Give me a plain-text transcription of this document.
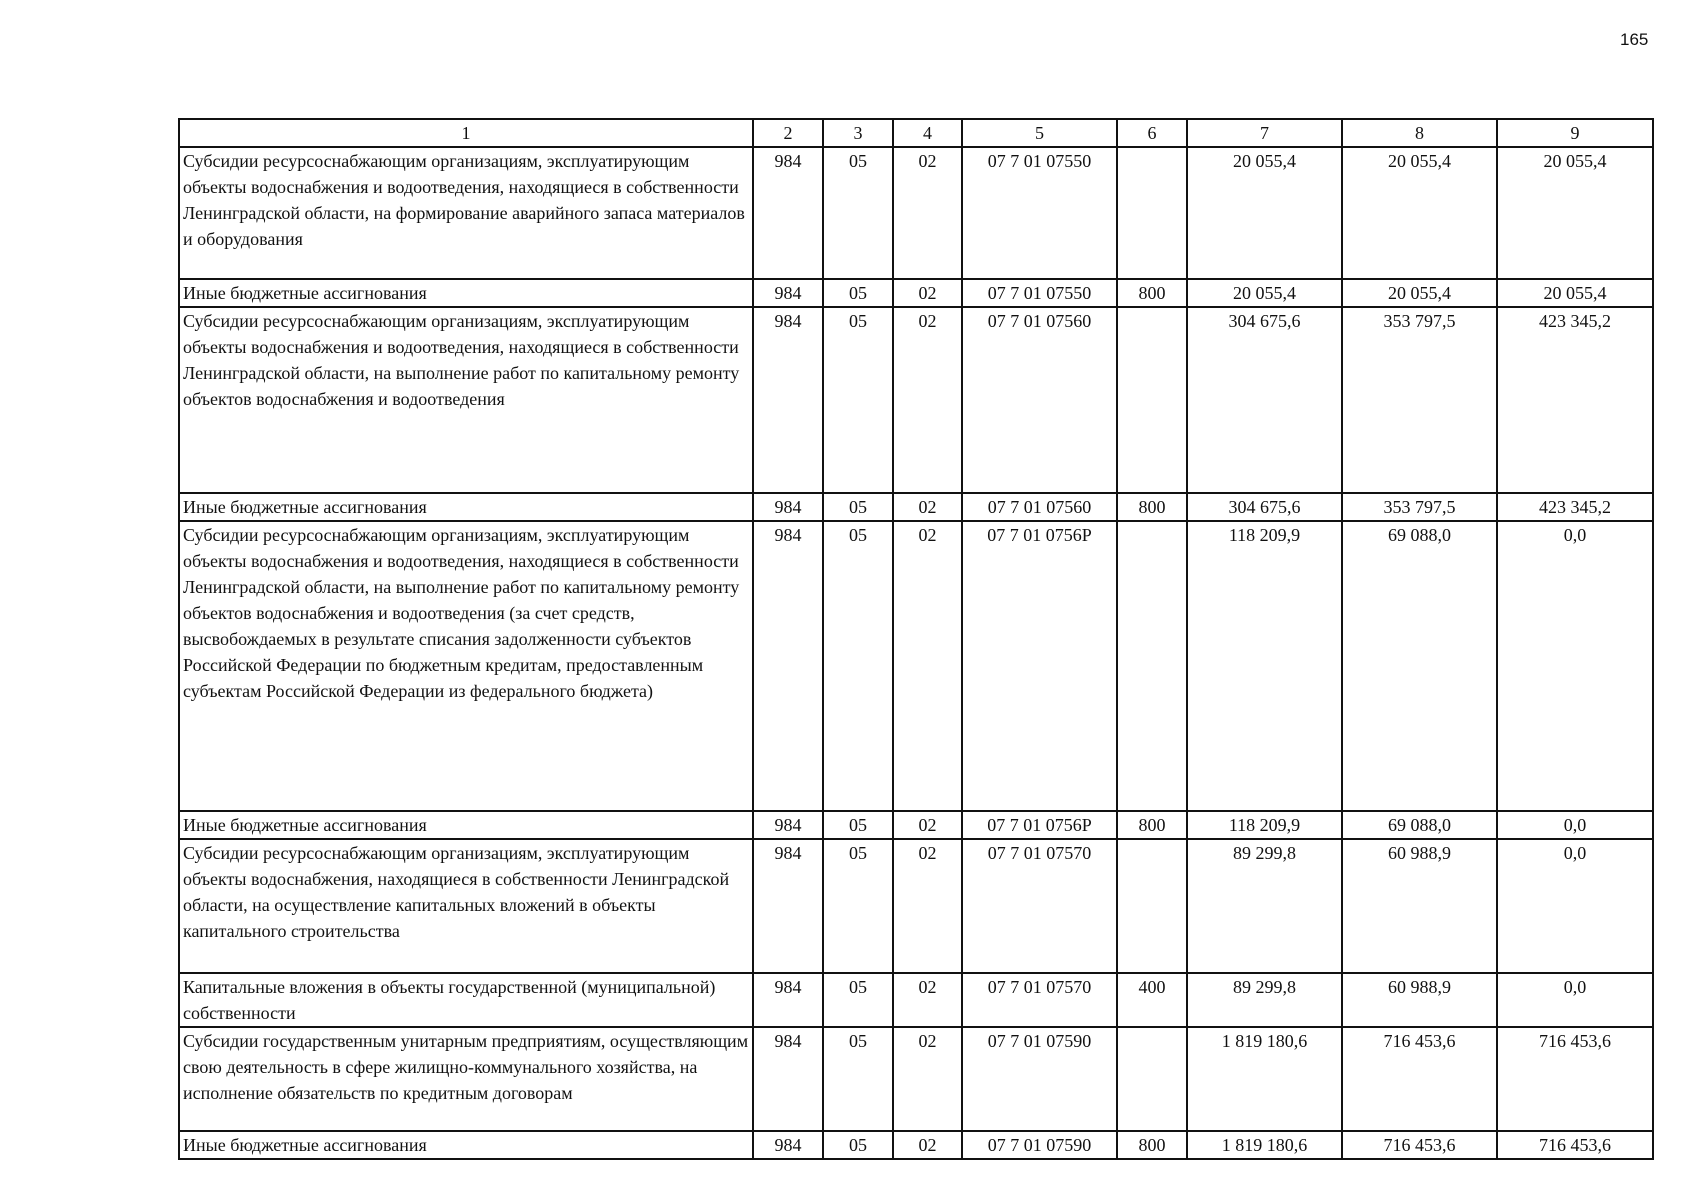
165
1	2	3	4	5	6	7	8	9
Субсидии ресурсоснабжающим организациям, эксплуатирующим объекты водоснабжения и водоотведения, находящиеся в собственности Ленинградской области, на формирование аварийного запаса материалов и оборудования	984	05	02	07 7 01 07550		20 055,4	20 055,4	20 055,4
Иные бюджетные ассигнования	984	05	02	07 7 01 07550	800	20 055,4	20 055,4	20 055,4
Субсидии ресурсоснабжающим организациям, эксплуатирующим объекты водоснабжения и водоотведения, находящиеся в собственности Ленинградской области, на выполнение работ по капитальному ремонту объектов водоснабжения и водоотведения	984	05	02	07 7 01 07560		304 675,6	353 797,5	423 345,2
Иные бюджетные ассигнования	984	05	02	07 7 01 07560	800	304 675,6	353 797,5	423 345,2
Субсидии ресурсоснабжающим организациям, эксплуатирующим объекты водоснабжения и водоотведения, находящиеся в собственности Ленинградской области, на выполнение работ по капитальному ремонту объектов водоснабжения и водоотведения (за счет средств, высвобождаемых в результате списания задолженности субъектов Российской Федерации по бюджетным кредитам, предоставленным субъектам Российской Федерации из федерального бюджета)	984	05	02	07 7 01 0756Р		118 209,9	69 088,0	0,0
Иные бюджетные ассигнования	984	05	02	07 7 01 0756Р	800	118 209,9	69 088,0	0,0
Субсидии ресурсоснабжающим организациям, эксплуатирующим объекты водоснабжения, находящиеся в собственности Ленинградской области, на осуществление капитальных вложений в объекты капитального строительства	984	05	02	07 7 01 07570		89 299,8	60 988,9	0,0
Капитальные вложения в объекты государственной (муниципальной) собственности	984	05	02	07 7 01 07570	400	89 299,8	60 988,9	0,0
Субсидии государственным унитарным предприятиям, осуществляющим свою деятельность в сфере жилищно-коммунального хозяйства, на исполнение обязательств по кредитным договорам	984	05	02	07 7 01 07590		1 819 180,6	716 453,6	716 453,6
Иные бюджетные ассигнования	984	05	02	07 7 01 07590	800	1 819 180,6	716 453,6	716 453,6
